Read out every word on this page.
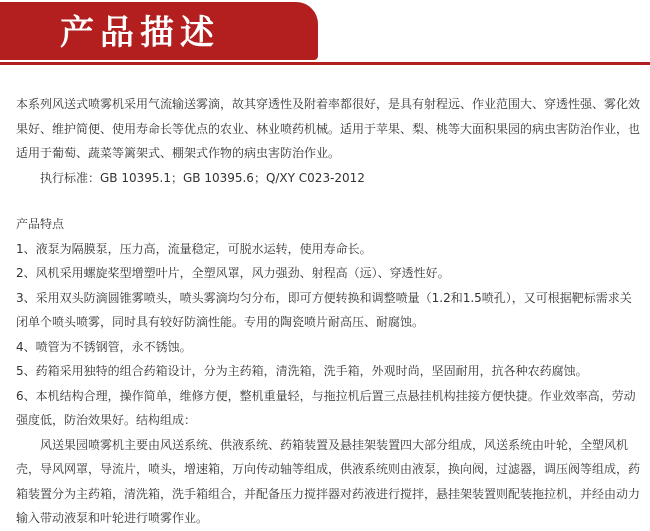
产品描述

本系列风送式喷雾机采用气流输送雾滴，故其穿透性及附着率都很好，是具有射程远、作业范围大、穿透性强、雾化效果好、维护简便、使用寿命长等优点的农业、林业喷药机械。适用于苹果、梨、桃等大面积果园的病虫害防治作业，也适用于葡萄、蔬菜等篱架式、棚架式作物的病虫害防治作业。

执行标准：GB 10395.1；GB 10395.6；Q/XY C023-2012

产品特点

1、液泵为隔膜泵，压力高，流量稳定，可脱水运转，使用寿命长。

2、风机采用螺旋桨型增塑叶片，全塑风罩，风力强劲、射程高（远）、穿透性好。

3、采用双头防滴圆锥雾喷头，喷头雾滴均匀分布，即可方便转换和调整喷量（1.2和1.5喷孔），又可根据靶标需求关闭单个喷头喷雾，同时具有较好防滴性能。专用的陶瓷喷片耐高压、耐腐蚀。

4、喷管为不锈钢管，永不锈蚀。

5、药箱采用独特的组合药箱设计，分为主药箱，清洗箱，洗手箱，外观时尚，坚固耐用，抗各种农药腐蚀。

6、本机结构合理，操作简单，维修方便，整机重量轻，与拖拉机后置三点悬挂机构挂接方便快捷。作业效率高，劳动强度低，防治效果好。结构组成：

风送果园喷雾机主要由风送系统、供液系统、药箱装置及悬挂架装置四大部分组成，风送系统由叶轮，全塑风机壳，导风网罩，导流片，喷头，增速箱，万向传动轴等组成，供液系统则由液泵，换向阀，过滤器，调压阀等组成，药箱装置分为主药箱，清洗箱，洗手箱组合，并配备压力搅拌器对药液进行搅拌，悬挂架装置则配装拖拉机，并经由动力输入带动液泵和叶轮进行喷雾作业。
